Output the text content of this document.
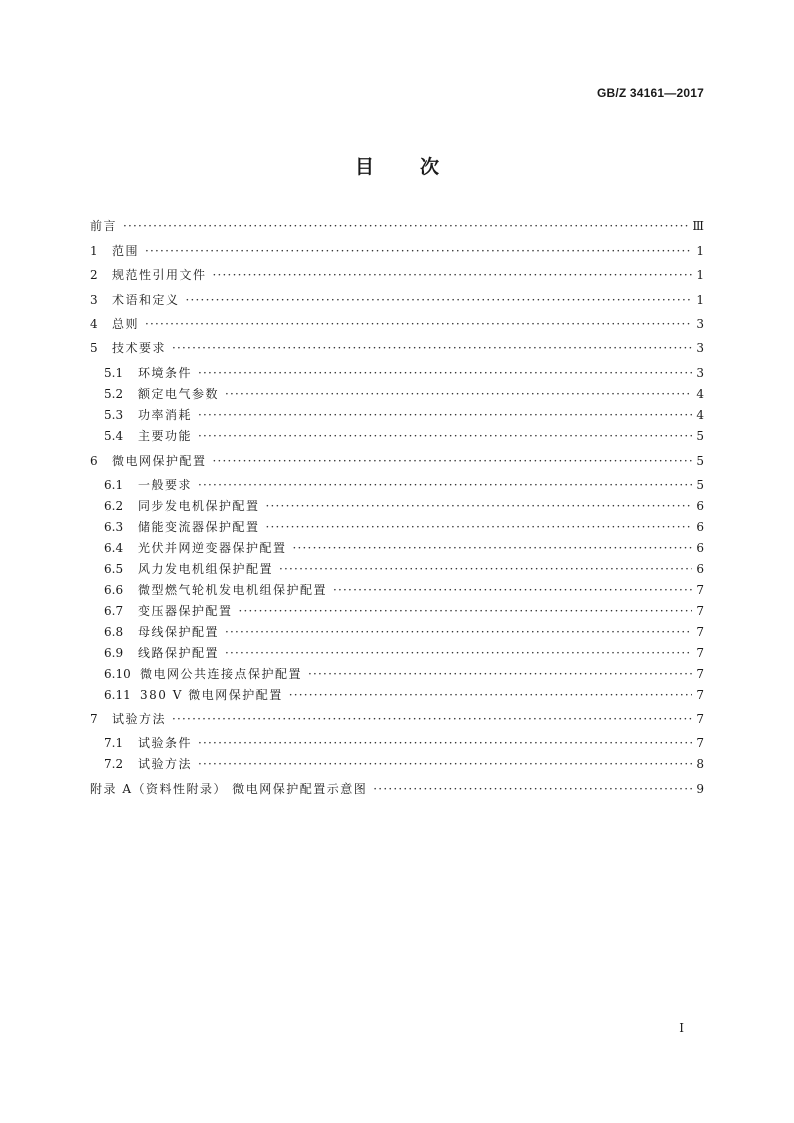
GB/Z 34161—2017
目次
前言 ·····	Ⅲ
1	范围 ·····	1
2	规范性引用文件 ·····	1
3	术语和定义 ·····	1
4	总则 ·····	3
5	技术要求 ·····	3
5.1	环境条件 ·····	3
5.2	额定电气参数 ·····	4
5.3	功率消耗 ·····	4
5.4	主要功能 ·····	5
6	微电网保护配置 ·····	5
6.1	一般要求 ·····	5
6.2	同步发电机保护配置 ·····	6
6.3	储能变流器保护配置 ·····	6
6.4	光伏并网逆变器保护配置 ·····	6
6.5	风力发电机组保护配置 ·····	6
6.6	微型燃气轮机发电机组保护配置 ·····	7
6.7	变压器保护配置 ·····	7
6.8	母线保护配置 ·····	7
6.9	线路保护配置 ·····	7
6.10 微电网公共连接点保护配置 ·····	7
6.11 380 V 微电网保护配置 ·····	7
7	试验方法 ·····	7
7.1	试验条件 ·····	7
7.2	试验方法 ·····	8
附录 A（资料性附录） 微电网保护配置示意图 ·····	9
I
